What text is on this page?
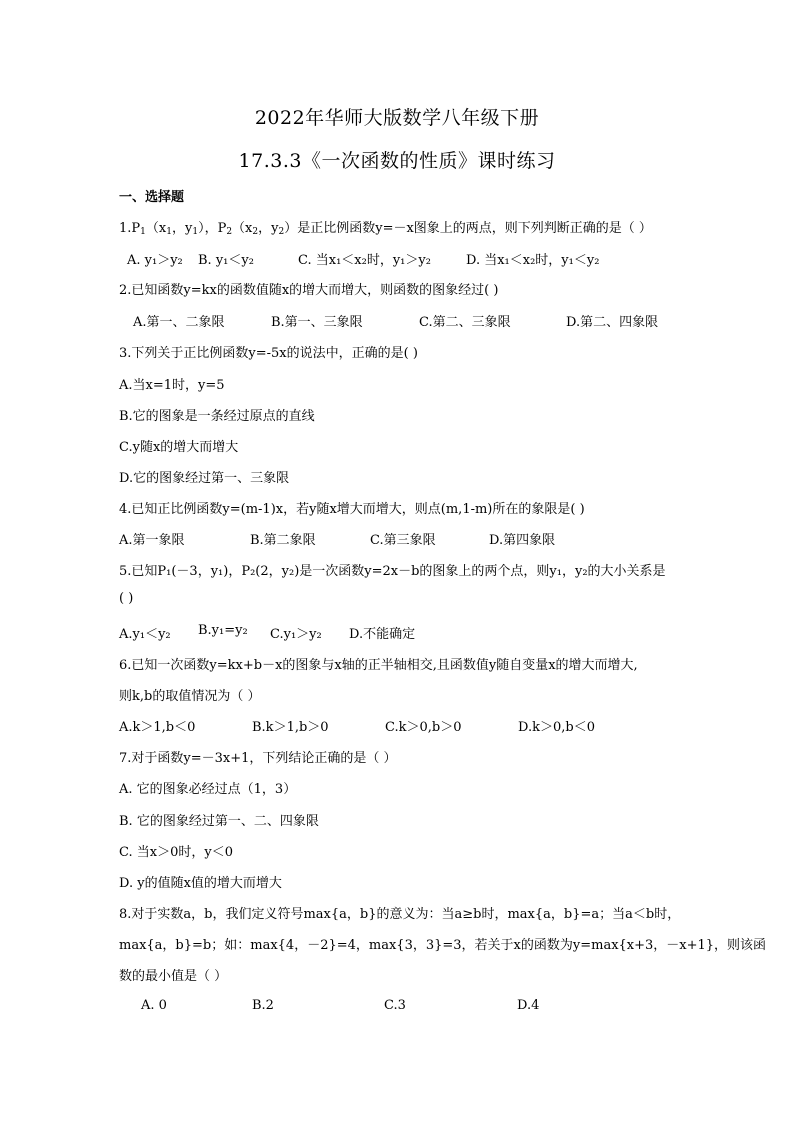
2022年华师大版数学八年级下册
17.3.3《一次函数的性质》课时练习
一、选择题
$1.P_1(x_1$，$y_1$），$P_2(x_2$，$y_2$）是正比例函数y=－x图象上的两点，则下列判断正确的是（ ）
A. y₁＞y₂ B. y₁＜y₂	C. 当x₁＜x₂时，y₁＞y₂	D. 当x₁＜x₂时，y₁＜y₂
2.已知函数y=kx的函数值随x的增大而增大，则函数的图象经过( )
A.第一、二象限	B.第一、三象限	C.第二、三象限	D.第二、四象限
3.下列关于正比例函数y=-5x的说法中，正确的是( )
A.当x=1时，y=5
B.它的图象是一条经过原点的直线
C.y随x的增大而增大
D.它的图象经过第一、三象限
4.已知正比例函数y=(m-1)x，若y随x增大而增大，则点(m,1-m)所在的象限是( )
A.第一象限	B.第二象限	C.第三象限	D.第四象限
5.已知P₁(－3，y₁)，P₂(2，y₂)是一次函数y=2x－b的图象上的两个点，则y₁，y₂的大小关系是
( )
A.y₁＜y₂ B.y₁=y₂ C.y₁＞y₂ D.不能确定
6.已知一次函数y=kx+b－x的图象与x轴的正半轴相交,且函数值y随自变量x的增大而增大,
则k,b的取值情况为（ ）
A.k＞1,b＜0	B.k＞1,b＞0	C.k＞0,b＞0	D.k＞0,b＜0
7.对于函数y=－3x+1，下列结论正确的是（ ）
A. 它的图象必经过点（1，3）
B. 它的图象经过第一、二、四象限
C. 当x＞0时，y＜0
D. y的值随x值的增大而增大
8.对于实数a，b，我们定义符号max{a，b}的意义为：当a≥b时，max{a，b}=a；当a＜b时，
max{a，b}=b；如：max{4，－2}=4，max{3，3}=3，若关于x的函数为y=max{x+3，－x+1}，则该函
数的最小值是（ ）
A. 0	B.2	C.3	D.4
